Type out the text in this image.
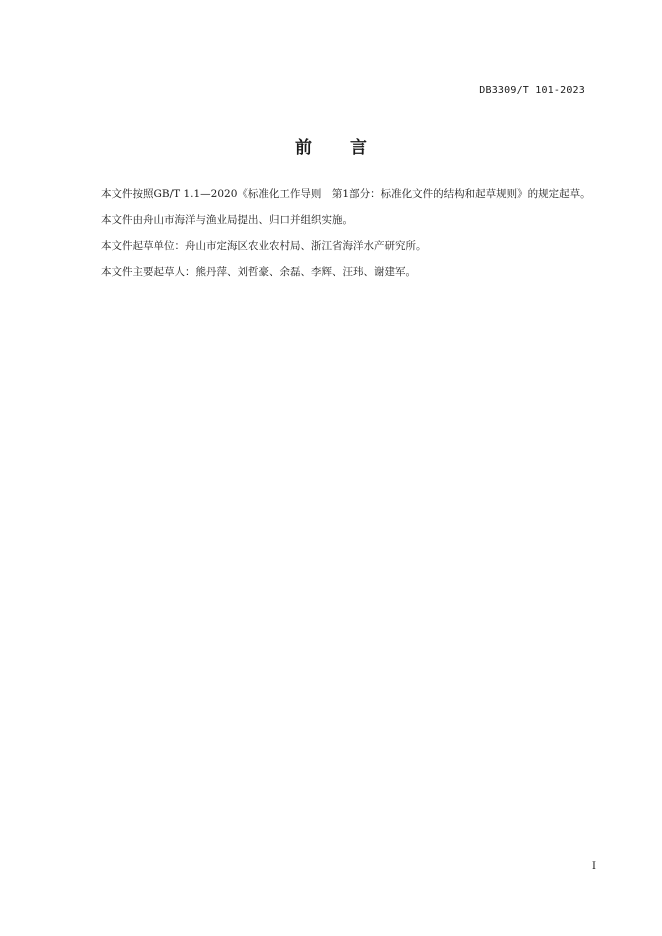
DB3309/T 101-2023
前 言

本文件按照GB/T 1.1—2020《标准化工作导则　第1部分：标准化文件的结构和起草规则》的规定起草。

本文件由舟山市海洋与渔业局提出、归口并组织实施。

本文件起草单位：舟山市定海区农业农村局、浙江省海洋水产研究所。

本文件主要起草人：熊丹萍、刘哲豪、余磊、李辉、汪玮、谢建军。

I
